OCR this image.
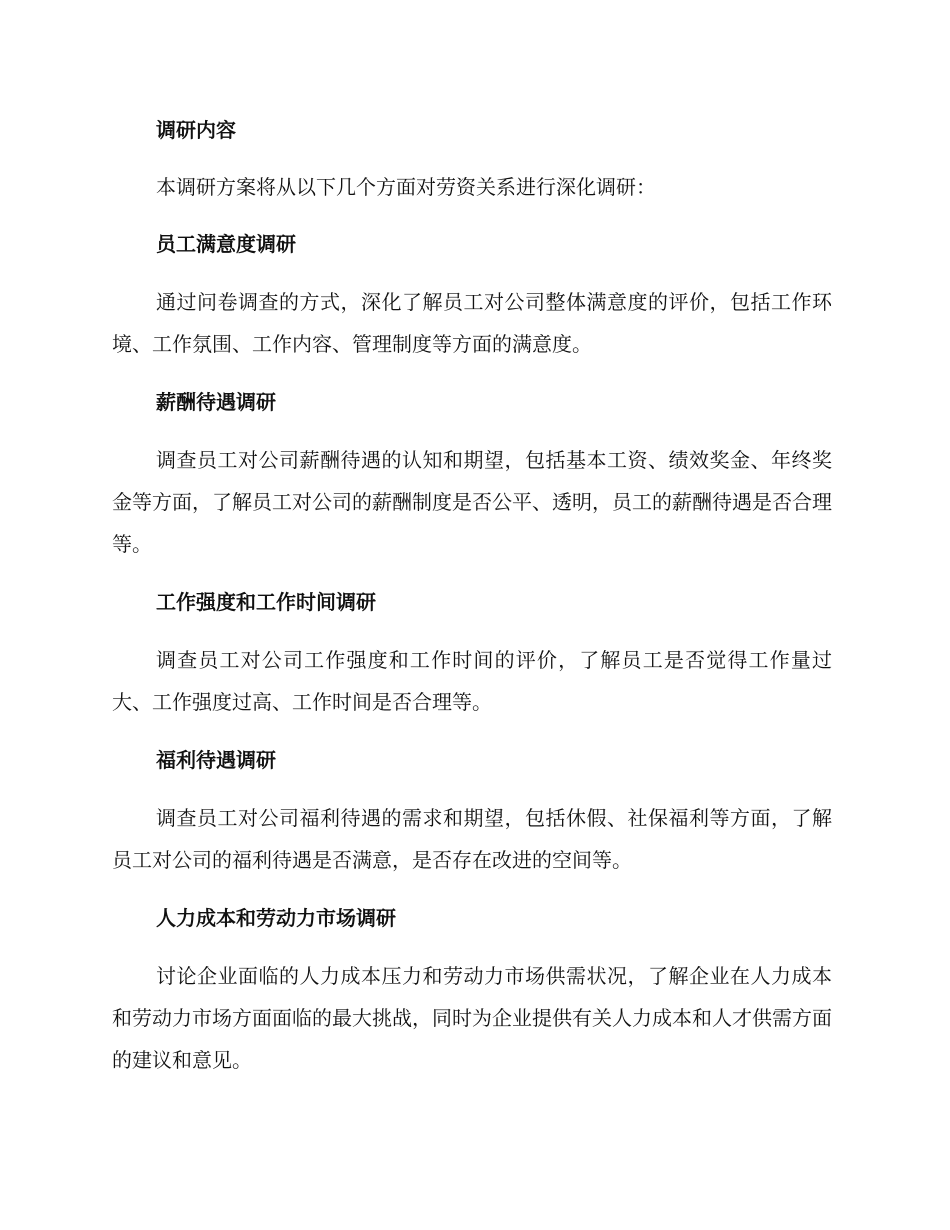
调研内容
本调研方案将从以下几个方面对劳资关系进行深化调研：
员工满意度调研
通过问卷调查的方式，深化了解员工对公司整体满意度的评价，包括工作环境、工作氛围、工作内容、管理制度等方面的满意度。
薪酬待遇调研
调查员工对公司薪酬待遇的认知和期望，包括基本工资、绩效奖金、年终奖金等方面，了解员工对公司的薪酬制度是否公平、透明，员工的薪酬待遇是否合理等。
工作强度和工作时间调研
调查员工对公司工作强度和工作时间的评价，了解员工是否觉得工作量过大、工作强度过高、工作时间是否合理等。
福利待遇调研
调查员工对公司福利待遇的需求和期望，包括休假、社保福利等方面，了解员工对公司的福利待遇是否满意，是否存在改进的空间等。
人力成本和劳动力市场调研
讨论企业面临的人力成本压力和劳动力市场供需状况，了解企业在人力成本和劳动力市场方面面临的最大挑战，同时为企业提供有关人力成本和人才供需方面的建议和意见。
